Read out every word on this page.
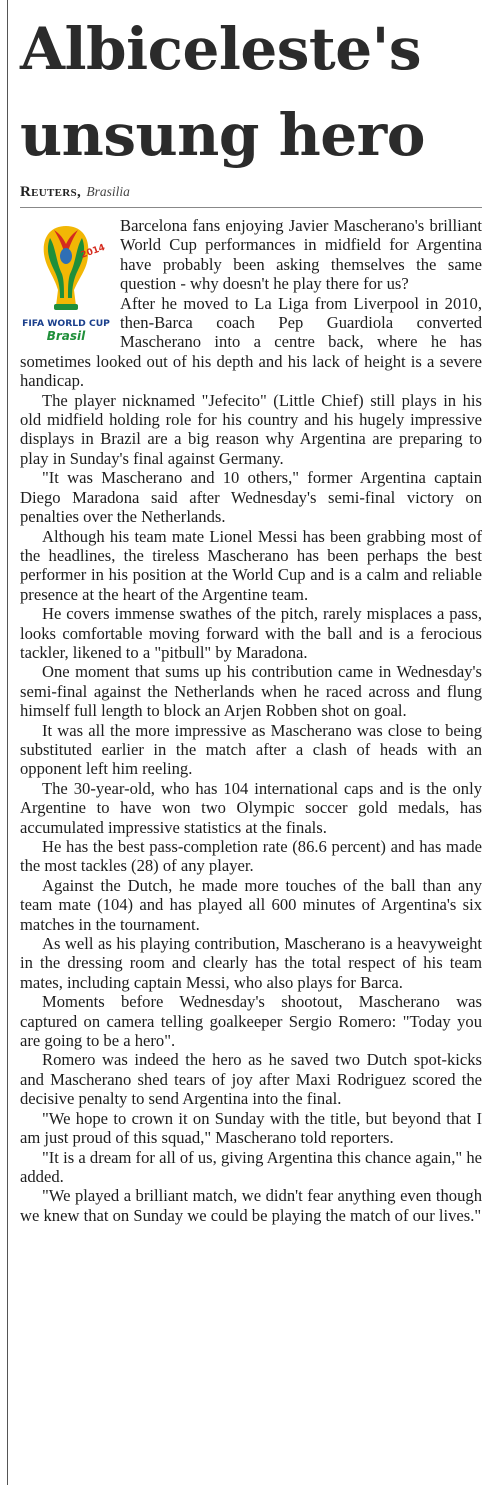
Albiceleste's
unsung hero
Reuters, Brasilia
2014
FIFA WORLD CUP
Brasil

Barcelona fans enjoying Javier Mascherano's brilliant World Cup performances in midfield for Argentina have probably been asking themselves the same question - why doesn't he play there for us?

After he moved to La Liga from Liverpool in 2010, then-Barca coach Pep Guardiola converted Mascherano into a centre back, where he has sometimes looked out of his depth and his lack of height is a severe handicap.

The player nicknamed "Jefecito" (Little Chief) still plays in his old midfield holding role for his country and his hugely impressive displays in Brazil are a big reason why Argentina are preparing to play in Sunday's final against Germany.

"It was Mascherano and 10 others," former Argentina captain Diego Maradona said after Wednesday's semi-final victory on penalties over the Netherlands.

Although his team mate Lionel Messi has been grabbing most of the headlines, the tireless Mascherano has been perhaps the best performer in his position at the World Cup and is a calm and reliable presence at the heart of the Argentine team.

He covers immense swathes of the pitch, rarely misplaces a pass, looks comfortable moving forward with the ball and is a ferocious tackler, likened to a "pitbull" by Maradona.

One moment that sums up his contribution came in Wednesday's semi-final against the Netherlands when he raced across and flung himself full length to block an Arjen Robben shot on goal.

It was all the more impressive as Mascherano was close to being substituted earlier in the match after a clash of heads with an opponent left him reeling.

The 30-year-old, who has 104 international caps and is the only Argentine to have won two Olympic soccer gold medals, has accumulated impressive statistics at the finals.

He has the best pass-completion rate (86.6 percent) and has made the most tackles (28) of any player.

Against the Dutch, he made more touches of the ball than any team mate (104) and has played all 600 minutes of Argentina's six matches in the tournament.

As well as his playing contribution, Mascherano is a heavyweight in the dressing room and clearly has the total respect of his team mates, including captain Messi, who also plays for Barca.

Moments before Wednesday's shootout, Mascherano was captured on camera telling goalkeeper Sergio Romero: "Today you are going to be a hero".

Romero was indeed the hero as he saved two Dutch spot-kicks and Mascherano shed tears of joy after Maxi Rodriguez scored the decisive penalty to send Argentina into the final.

"We hope to crown it on Sunday with the title, but beyond that I am just proud of this squad," Mascherano told reporters.

"It is a dream for all of us, giving Argentina this chance again," he added.

"We played a brilliant match, we didn't fear anything even though we knew that on Sunday we could be playing the match of our lives."
